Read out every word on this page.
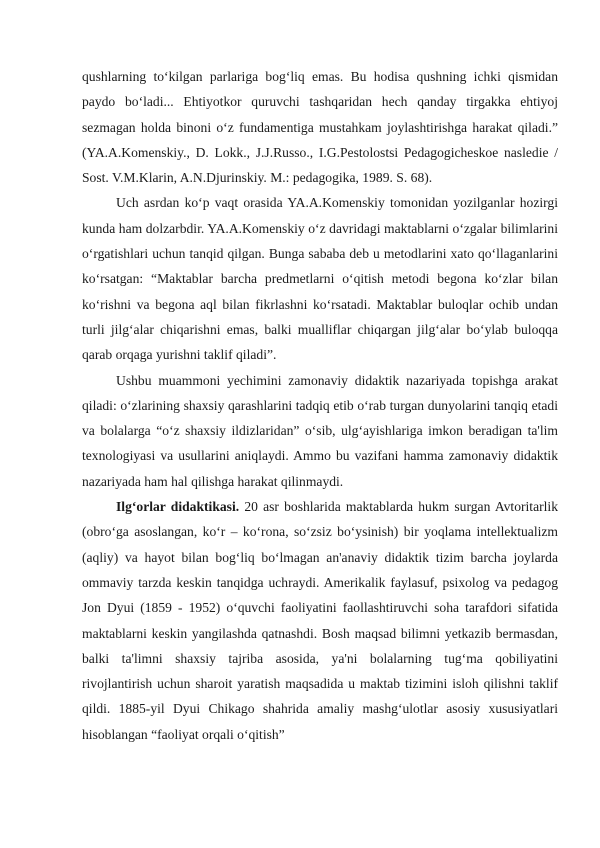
qushlarning to‘kilgan parlariga bog‘liq emas. Bu hodisa qushning ichki qismidan paydo bo‘ladi... Ehtiyotkor quruvchi tashqaridan hech qanday tirgakka ehtiyoj sezmagan holda binoni o‘z fundamentiga mustahkam joylashtirishga harakat qiladi.” (YA.A.Komenskiy., D. Lokk., J.J.Russo., I.G.Pestolostsi Pedagogicheskoe nasledie / Sost. V.M.Klarin, A.N.Djurinskiy. M.: pedagogika, 1989. S. 68).

Uch asrdan ko‘p vaqt orasida YA.A.Komenskiy tomonidan yozilganlar hozirgi kunda ham dolzarbdir. YA.A.Komenskiy o‘z davridagi maktablarni o‘zgalar bilimlarini o‘rgatishlari uchun tanqid qilgan. Bunga sababa deb u metodlarini xato qo‘llaganlarini ko‘rsatgan: “Maktablar barcha predmetlarni o‘qitish metodi begona ko‘zlar bilan ko‘rishni va begona aql bilan fikrlashni ko‘rsatadi. Maktablar buloqlar ochib undan turli jilg‘alar chiqarishni emas, balki mualliflar chiqargan jilg‘alar bo‘ylab buloqqa qarab orqaga yurishni taklif qiladi”.

Ushbu muammoni yechimini zamonaviy didaktik nazariyada topishga arakat qiladi: o‘zlarining shaxsiy qarashlarini tadqiq etib o‘rab turgan dunyolarini tanqiq etadi va bolalarga “o‘z shaxsiy ildizlaridan” o‘sib, ulg‘ayishlariga imkon beradigan ta'lim texnologiyasi va usullarini aniqlaydi. Ammo bu vazifani hamma zamonaviy didaktik nazariyada ham hal qilishga harakat qilinmaydi.

Ilg‘orlar didaktikasi. 20 asr boshlarida maktablarda hukm surgan Avtoritarlik (obro‘ga asoslangan, ko‘r – ko‘rona, so‘zsiz bo‘ysinish) bir yoqlama intellektualizm (aqliy) va hayot bilan bog‘liq bo‘lmagan an'anaviy didaktik tizim barcha joylarda ommaviy tarzda keskin tanqidga uchraydi. Amerikalik faylasuf, psixolog va pedagog Jon Dyui (1859 - 1952) o‘quvchi faoliyatini faollashtiruvchi soha tarafdori sifatida maktablarni keskin yangilashda qatnashdi. Bosh maqsad bilimni yetkazib bermasdan, balki ta'limni shaxsiy tajriba asosida, ya'ni bolalarning tug‘ma qobiliyatini rivojlantirish uchun sharoit yaratish maqsadida u maktab tizimini isloh qilishni taklif qildi. 1885-yil Dyui Chikago shahrida amaliy mashg‘ulotlar asosiy xususiyatlari hisoblangan “faoliyat orqali o‘qitish”
